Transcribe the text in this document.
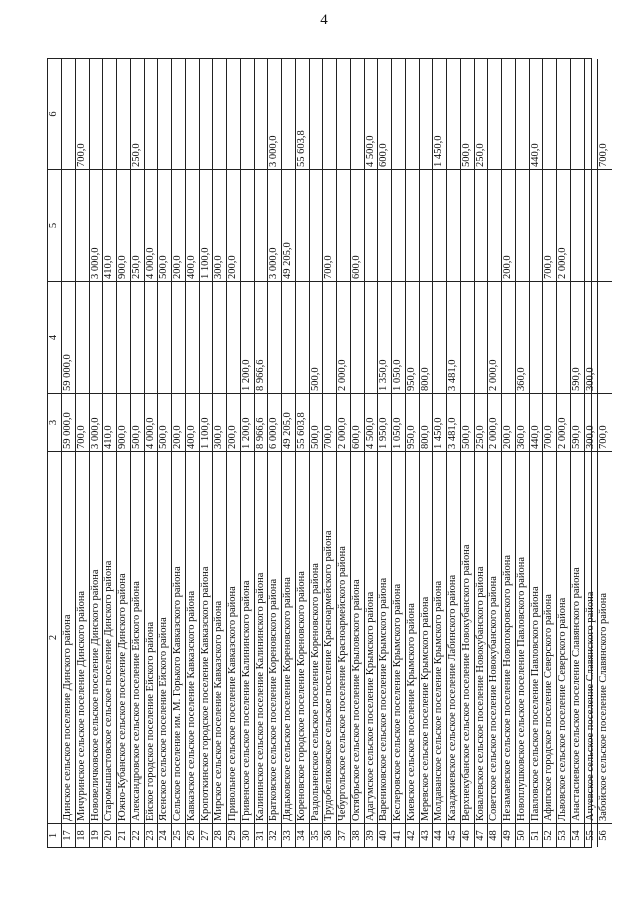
4
1
2
3
4
5
6
17
Динское сельское поселение Динского района
59 000,0
59 000,0
18
Мичуринское сельское поселение Динского района
700,0
700,0
19
Нововеличковское сельское поселение Динского района
3 000,0
3 000,0
20
Старомышастовское сельское поселение Динского района
410,0
410,0
21
Южно-Кубанское сельское поселение Динского района
900,0
900,0
22
Александровское сельское поселение Ейского района
500,0
250,0
250,0
23
Ейское городское поселение Ейского района
4 000,0
4 000,0
24
Ясенское сельское поселение Ейского района
500,0
500,0
25
Сельское поселение им. М. Горького Кавказского района
200,0
200,0
26
Кавказское сельское поселение Кавказского района
400,0
400,0
27
Кропоткинское городское поселение Кавказского района
1 100,0
1 100,0
28
Мирское сельское поселение Кавказского района
300,0
300,0
29
Привольное сельское поселение Кавказского района
200,0
200,0
30
Гривенское сельское поселение Калининского района
1 200,0
1 200,0
31
Калининское сельское поселение Калининского района
8 966,6
8 966,6
32
Братковское сельское поселение Кореновского района
6 000,0
3 000,0
3 000,0
33
Дядьковское сельское поселение Кореновского района
49 205,0
49 205,0
34
Кореновское городское поселение Кореновского района
55 603,8
55 603,8
35
Раздольненское сельское поселение Кореновского района
500,0
500,0
36
Трудобеликовское сельское поселение Красноармейского района
700,0
700,0
37
Чебургольское сельское поселение Красноармейского района
2 000,0
2 000,0
38
Октябрьское сельское поселение Крыловского района
600,0
600,0
39
Адагумское сельское поселение Крымского района
4 500,0
4 500,0
40
Варениковское сельское поселение Крымского района
1 950,0
1 350,0
600,0
41
Кеслеровское сельское поселение Крымского района
1 050,0
1 050,0
42
Киевское сельское поселение Крымского района
950,0
950,0
43
Меревское сельское поселение Крымского района
800,0
800,0
44
Молдаванское сельское поселение Крымского района
1 450,0
1 450,0
45
Казаджиевское сельское поселение Лабинского района
3 481,0
3 481,0
46
Верхнекубанское сельское поселение Новокубанского района
500,0
500,0
47
Ковалевское сельское поселение Новокубанского района
250,0
250,0
48
Советское сельское поселение Новокубанского района
2 000,0
2 000,0
49
Незамаевское сельское поселение Новопокровского района
200,0
200,0
50
Новоплушковское сельское поселение Павловского района
360,0
360,0
51
Павловское сельское поселение Павловского района
440,0
440,0
52
Афипское городское поселение Северского района
700,0
700,0
53
Львовское сельское поселение Северского района
2 000,0
2 000,0
54
Анастасиевское сельское поселение Славянского района
590,0
590,0
55
Ачуевское сельское поселение Славянского района
300,0
300,0
56
Забойское сельское поселение Славянского района
700,0
700,0
